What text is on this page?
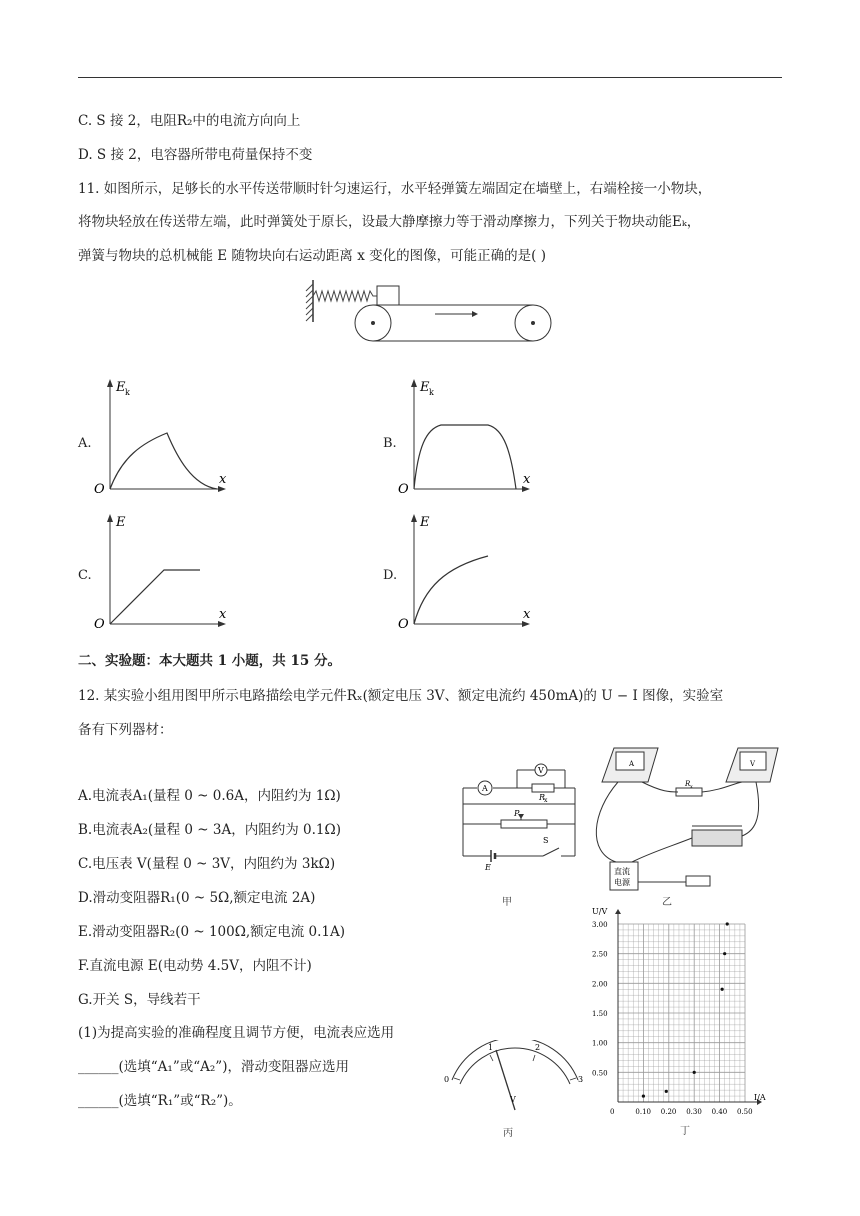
C. S 接 2，电阻R₂中的电流方向向上
D. S 接 2，电容器所带电荷量保持不变
11. 如图所示，足够长的水平传送带顺时针匀速运行，水平轻弹簧左端固定在墙壁上，右端栓接一小物块，
将物块轻放在传送带左端，此时弹簧处于原长，设最大静摩擦力等于滑动摩擦力，下列关于物块动能Eₖ，
弹簧与物块的总机械能 E 随物块向右运动距离 x 变化的图像，可能正确的是( )
A.
E k
x
O
B.
E k
x
O
C.
E
x
O
D.
E
x
O
二、实验题：本大题共 1 小题，共 15 分。
12. 某实验小组用图甲所示电路描绘电学元件Rₓ(额定电压 3V、额定电流约 450mA)的 U − I 图像，实验室
备有下列器材：
A.电流表A₁(量程 0 ~ 0.6A，内阻约为 1Ω)
B.电流表A₂(量程 0 ~ 3A，内阻约为 0.1Ω)
C.电压表 V(量程 0 ~ 3V，内阻约为 3kΩ)
D.滑动变阻器R₁(0 ~ 5Ω,额定电流 2A)
E.滑动变阻器R₂(0 ~ 100Ω,额定电流 0.1A)
F.直流电源 E(电动势 4.5V，内阻不计)
G.开关 S，导线若干
(1)为提高实验的准确程度且调节方便，电流表应选用
______(选填“A₁”或“A₂”)，滑动变阻器应选用
______(选填“R₁”或“R₂”)。
A
V
R
x
P
S
E
甲
A	V
R x
直流
电源
乙
0
1	2
3
V
丙
0	0.10 0.20 0.30 0.40 0.50
0.50
1.00
1.50
2.00
2.50
3.00
U/V
I/A
丁
